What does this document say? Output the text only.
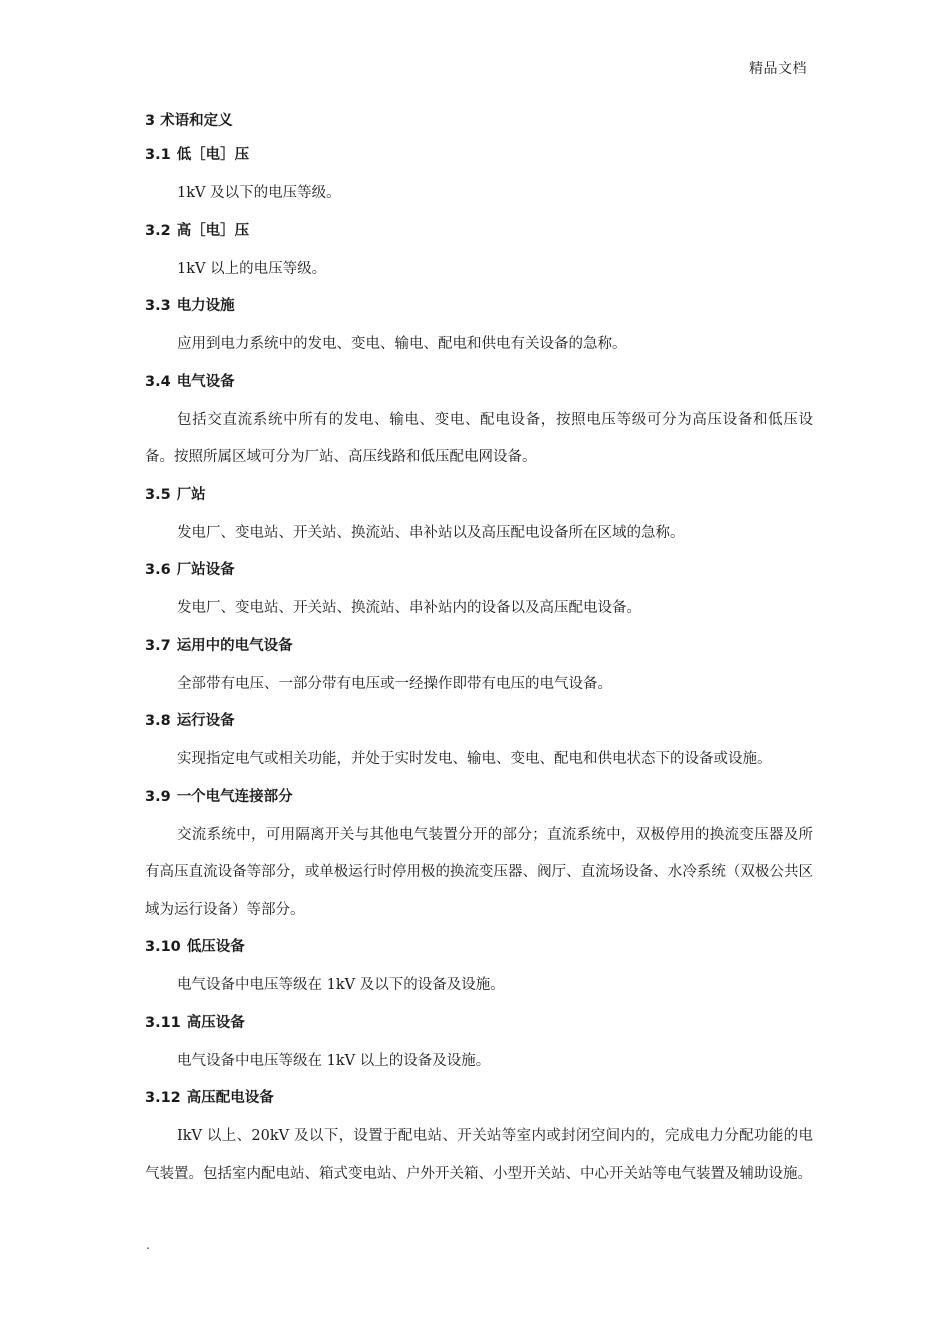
精品文档
3 术语和定义
3.1 低［电］压

1kV 及以下的电压等级。

3.2 高［电］压

1kV 以上的电压等级。

3.3 电力设施

应用到电力系统中的发电、变电、输电、配电和供电有关设备的急称。

3.4 电气设备

包括交直流系统中所有的发电、输电、变电、配电设备，按照电压等级可分为高压设备和低压设备。按照所属区域可分为厂站、高压线路和低压配电网设备。

3.5 厂站

发电厂、变电站、开关站、换流站、串补站以及高压配电设备所在区域的急称。

3.6 厂站设备

发电厂、变电站、开关站、换流站、串补站内的设备以及高压配电设备。

3.7 运用中的电气设备

全部带有电压、一部分带有电压或一经操作即带有电压的电气设备。

3.8 运行设备

实现指定电气或相关功能，并处于实时发电、输电、变电、配电和供电状态下的设备或设施。

3.9 一个电气连接部分

交流系统中，可用隔离开关与其他电气装置分开的部分；直流系统中，双极停用的换流变压器及所有高压直流设备等部分，或单极运行时停用极的换流变压器、阀厅、直流场设备、水冷系统（双极公共区域为运行设备）等部分。

3.10 低压设备

电气设备中电压等级在 1kV 及以下的设备及设施。

3.11 高压设备

电气设备中电压等级在 1kV 以上的设备及设施。

3.12 高压配电设备

IkV 以上、20kV 及以下，设置于配电站、开关站等室内或封闭空间内的，完成电力分配功能的电气装置。包括室内配电站、箱式变电站、户外开关箱、小型开关站、中心开关站等电气装置及辅助设施。

.
